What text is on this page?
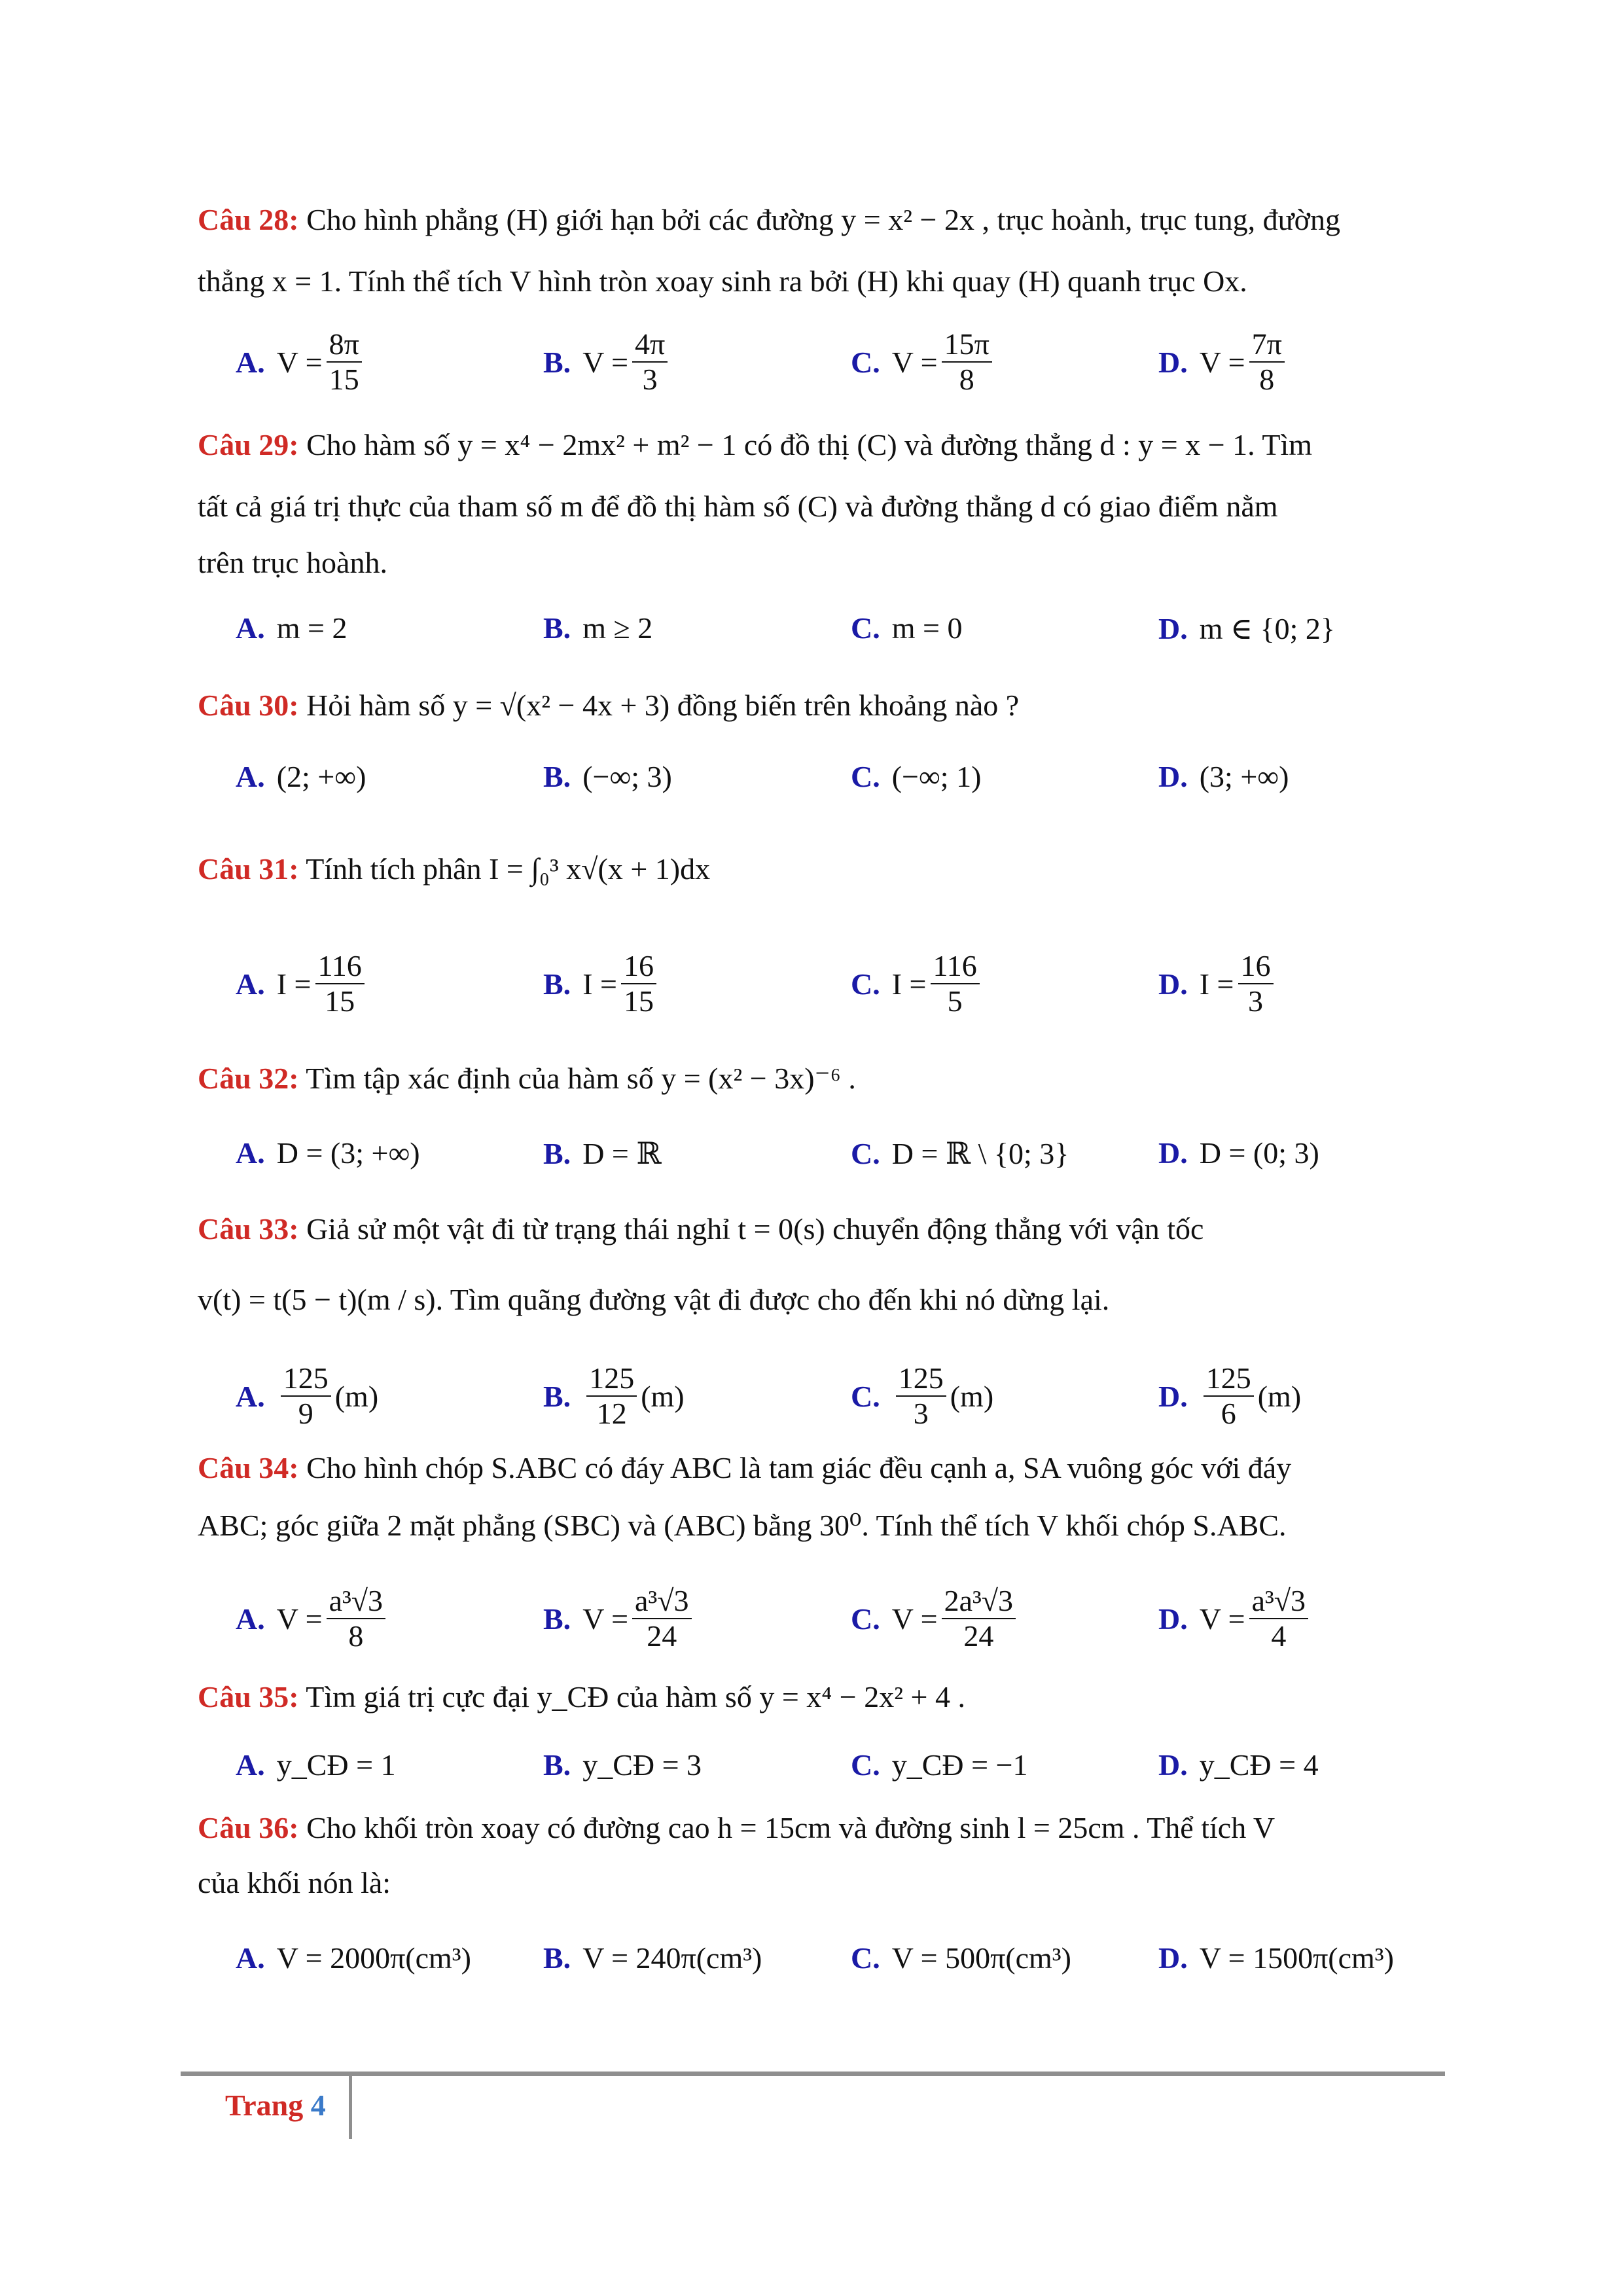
Câu 28: Cho hình phẳng (H) giới hạn bởi các đường y = x² − 2x , trục hoành, trục tung, đường
thẳng x = 1. Tính thể tích V hình tròn xoay sinh ra bởi (H) khi quay (H) quanh trục Ox.
A. $V = \frac{8\pi}{15}$	B. $V = \frac{4\pi}{3}$	C. $V = \frac{15\pi}{8}$	D. $V = \frac{7\pi}{8}$
Câu 29: Cho hàm số y = x⁴ − 2mx² + m² − 1 có đồ thị (C) và đường thẳng d : y = x − 1. Tìm
tất cả giá trị thực của tham số m để đồ thị hàm số (C) và đường thẳng d có giao điểm nằm
trên trục hoành.
A. m = 2	B. m ≥ 2	C. m = 0	D. m ∈ {0; 2}
Câu 30: Hỏi hàm số y = √(x² − 4x + 3) đồng biến trên khoảng nào ?
A. (2; +∞)	B. (−∞; 3)	C. (−∞; 1)	D. (3; +∞)
Câu 31: Tính tích phân I = ∫₀³ x√(x + 1)dx
A. $I = \frac{116}{15}$	B. $I = \frac{16}{15}$	C. $I = \frac{116}{5}$	D. $I = \frac{16}{3}$
Câu 32: Tìm tập xác định của hàm số y = (x² − 3x)⁻⁶ .
A. D = (3; +∞)	B. D = ℝ	C. D = ℝ \ {0; 3}	D. D = (0; 3)
Câu 33: Giả sử một vật đi từ trạng thái nghỉ t = 0(s) chuyển động thẳng với vận tốc
v(t) = t(5 − t)(m / s). Tìm quãng đường vật đi được cho đến khi nó dừng lại.
A. $\frac{125}{9} (m)$	B. $\frac{125}{12} (m)$	C. $\frac{125}{3} (m)$	D. $\frac{125}{6} (m)$
Câu 34: Cho hình chóp S.ABC có đáy ABC là tam giác đều cạnh a, SA vuông góc với đáy
ABC; góc giữa 2 mặt phẳng (SBC) và (ABC) bằng 30⁰. Tính thể tích V khối chóp S.ABC.
A. $V = \frac{\text{a³√3}}{8}$	B. $V = \frac{\text{a³√3}}{24}$	C. $V = \frac{\text{2a³√3}}{24}$	D. $V = \frac{\text{a³√3}}{4}$
Câu 35: Tìm giá trị cực đại y_CĐ của hàm số y = x⁴ − 2x² + 4 .
A. y_CĐ = 1	B. y_CĐ = 3	C. y_CĐ = −1	D. y_CĐ = 4
Câu 36: Cho khối tròn xoay có đường cao h = 15cm và đường sinh l = 25cm . Thể tích V
của khối nón là:
A. V = 2000π(cm³) B. V = 240π(cm³)	C. V = 500π(cm³)	D. V = 1500π(cm³)
Trang 4
